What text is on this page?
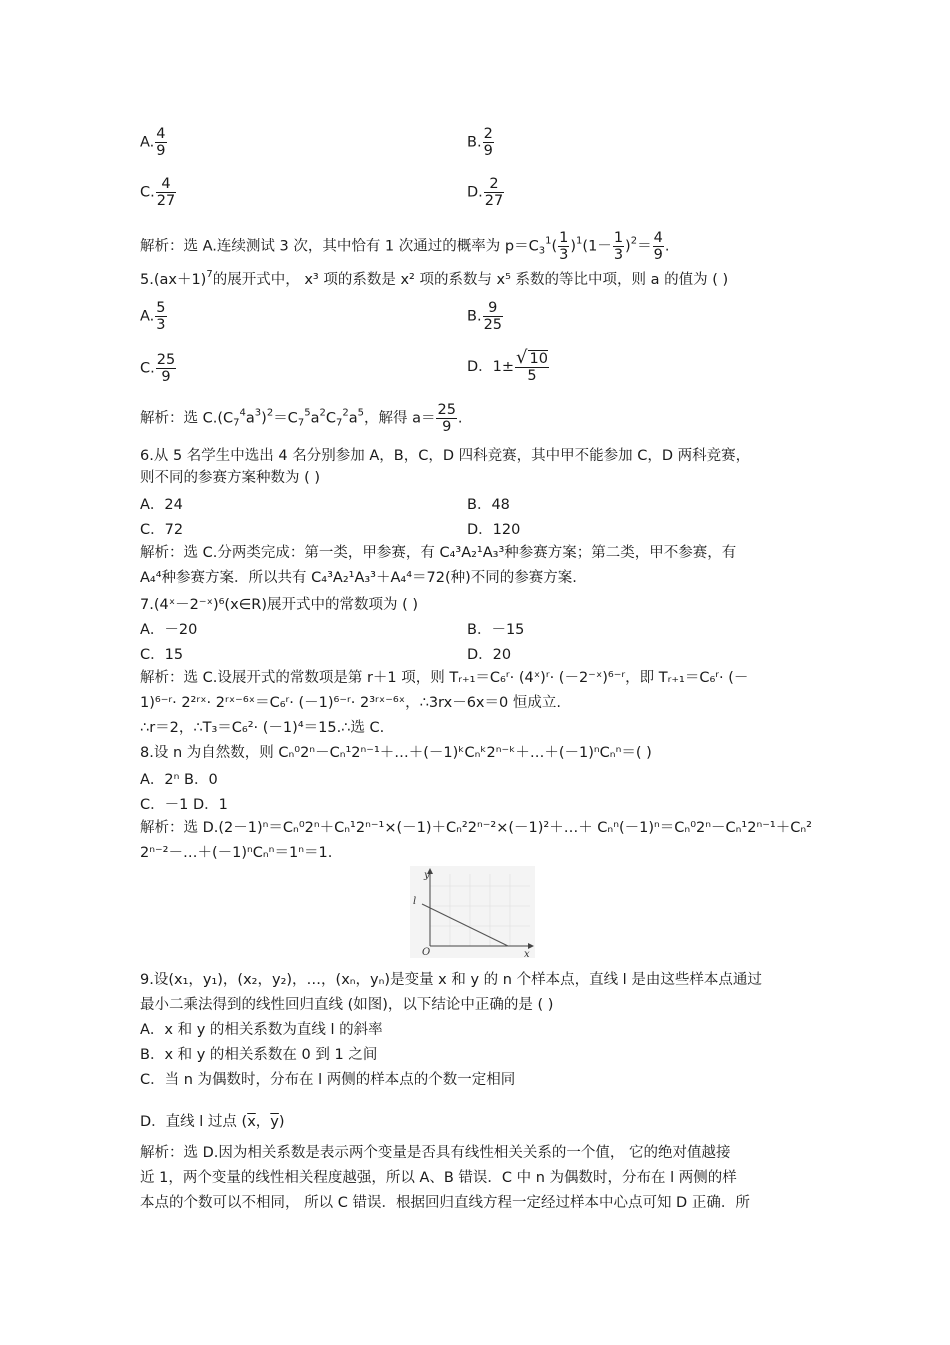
A. $\frac{4}{9}$	B. $\frac{2}{9}$
C. $\frac{4}{27}$	D. $\frac{2}{27}$
解析：选 A.连续测试 3 次，其中恰有 1 次通过的概率为 $p=C_3^1( \frac{1}{3} )^1(1- \frac{1}{3} )^2= \frac{4}{9}$ .
$5.(ax+1)^7$的展开式中， x³ 项的系数是 x² 项的系数与 x⁵ 系数的等比中项，则 a 的值为 ( )
A. $\frac{5}{3}$	B. $\frac{9}{25}$
C. $\frac{25}{9}$	D．$1\pm \frac{√ 10}{5}$
解析：选 $C.(C_7^4a^3)^2=C_7^5a^2C_7^2a^5$，解得 $a= \frac{25}{9}$ .
6.从 5 名学生中选出 4 名分别参加 A，B，C，D 四科竞赛，其中甲不能参加 C，D 两科竞赛，
则不同的参赛方案种数为 ( )
A．24	B．48
C．72	D．120
解析：选 C.分两类完成：第一类，甲参赛，有 C₄³A₂¹A₃³种参赛方案；第二类，甲不参赛，有
A₄⁴种参赛方案．所以共有 C₄³A₂¹A₃³＋A₄⁴＝72(种)不同的参赛方案.
7.(4ˣ－2⁻ˣ)⁶(x∈R)展开式中的常数项为 ( )
A．－20	B．－15
C．15	D．20
解析：选 C.设展开式的常数项是第 r＋1 项，则 Tᵣ₊₁＝C₆ʳ· (4ˣ)ʳ· (－2⁻ˣ)⁶⁻ʳ，即 Tᵣ₊₁＝C₆ʳ· (－
1)⁶⁻ʳ· 2²ʳˣ· 2ʳˣ⁻⁶ˣ＝C₆ʳ· (－1)⁶⁻ʳ· 2³ʳˣ⁻⁶ˣ，∴3rx－6x＝0 恒成立.
∴r＝2，∴T₃＝C₆²· (－1)⁴＝15.∴选 C.
8.设 n 为自然数，则 Cₙ⁰2ⁿ－Cₙ¹2ⁿ⁻¹＋…＋(－1)ᵏCₙᵏ2ⁿ⁻ᵏ＋…＋(－1)ⁿCₙⁿ＝( )
A．2ⁿ B．0
C．－1 D．1
解析：选 D.(2－1)ⁿ＝Cₙ⁰2ⁿ＋Cₙ¹2ⁿ⁻¹×(－1)＋Cₙ²2ⁿ⁻²×(－1)²＋…＋ Cₙⁿ(－1)ⁿ＝Cₙ⁰2ⁿ－Cₙ¹2ⁿ⁻¹＋Cₙ²
2ⁿ⁻²－…＋(－1)ⁿCₙⁿ＝1ⁿ＝1.
y
x
O
l
9.设(x₁，y₁)，(x₂，y₂)，…，(xₙ，yₙ)是变量 x 和 y 的 n 个样本点，直线 l 是由这些样本点通过
最小二乘法得到的线性回归直线 (如图)，以下结论中正确的是 ( )
A．x 和 y 的相关系数为直线 l 的斜率
B．x 和 y 的相关系数在 0 到 1 之间
C．当 n 为偶数时，分布在 l 两侧的样本点的个数一定相同
D．直线 l 过点 ($\overline{x}$，$\overline{y}$)
解析：选 D.因为相关系数是表示两个变量是否具有线性相关关系的一个值， 它的绝对值越接
近 1，两个变量的线性相关程度越强，所以 A、B 错误．C 中 n 为偶数时，分布在 l 两侧的样
本点的个数可以不相同， 所以 C 错误．根据回归直线方程一定经过样本中心点可知 D 正确．所
